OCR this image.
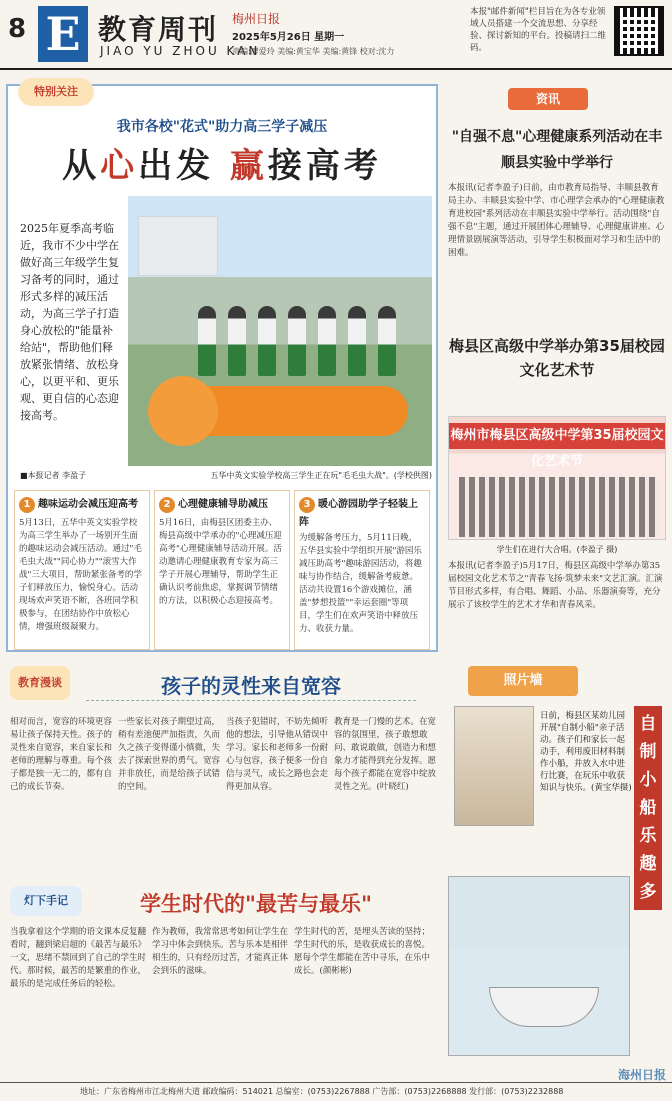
8 E 教育周刊
JIAO YU ZHOU KAN
梅州日报
2025年5月26日 星期一
责编:廖爱玲 美编:黄宝华 美编:黄锋 校对:沈力
本报"邮件新闻"栏目旨在为各专业领域人员搭建一个交流思想、分享经验、探讨新知的平台。投稿请扫二维码。
特别关注
我市各校"花式"助力高三学子减压
从心出发 赢接高考
2025年夏季高考临近，我市不少中学在做好高三年级学生复习备考的同时，通过形式多样的减压活动，为高三学子打造身心放松的"能量补给站"，帮助他们释放紧张情绪、放松身心，以更平和、更乐观、更自信的心态迎接高考。
■本报记者 李盈子	五华中英文实验学校高三学生正在玩"毛毛虫大战"。(学校供图)
1 趣味运动会减压迎高考

5月13日，五华中英文实验学校为高三学生举办了一场别开生面的趣味运动会减压活动。通过"毛毛虫大战""同心协力""滚雪大作战"三大项目，帮助紧张备考的学子们释放压力，愉悦身心。活动现场欢声笑语不断，各班同学积极参与，在团结协作中放松心情，增强班级凝聚力。

2 心理健康辅导助减压

5月16日，由梅县区团委主办、梅县高级中学承办的"心理减压迎高考"心理健康辅导活动开展。活动邀请心理健康教育专家为高三学子开展心理辅导，帮助学生正确认识考前焦虑，掌握调节情绪的方法，以积极心态迎接高考。

3 暖心游园助学子轻装上阵

为缓解备考压力，5月11日晚，五华县实验中学组织开展"游园乐减压助高考"趣味游园活动，将趣味与协作结合，缓解备考疲惫。活动共设置16个游戏摊位，涵盖"梦想投篮""幸运套圈"等项目，学生们在欢声笑语中释放压力、收获力量。

资讯
"自强不息"心理健康系列活动在丰顺县实验中学举行
本报讯(记者李盈子)日前，由市教育局指导、丰顺县教育局主办、丰顺县实验中学、市心理学会承办的"心理健康教育进校园"系列活动在丰顺县实验中学举行。活动围绕"自强不息"主题，通过开展团体心理辅导、心理健康讲座、心理情景剧展演等活动，引导学生积极面对学习和生活中的困难。
梅县区高级中学举办第35届校园文化艺术节
梅州市梅县区高级中学第35届校园文化艺术节
学生们在进行大合唱。(李盈子 摄)
本报讯(记者李盈子)5月17日，梅县区高级中学举办第35届校园文化艺术节之"青春飞扬·筑梦未来"文艺汇演。汇演节目形式多样，有合唱、舞蹈、小品、乐器演奏等，充分展示了该校学生的艺术才华和青春风采。
教育漫谈	孩子的灵性来自宽容
相对而言，宽容的环境更容易让孩子保持天性。孩子的灵性来自宽容，来自家长和老师的理解与尊重。每个孩子都是独一无二的，都有自己的成长节奏。
一些家长对孩子期望过高，稍有差池便严加指责，久而久之孩子变得谨小慎微，失去了探索世界的勇气。宽容并非放任，而是给孩子试错的空间。
当孩子犯错时，不妨先倾听他的想法，引导他从错误中学习。家长和老师多一份耐心与包容，孩子便多一份自信与灵气，成长之路也会走得更加从容。
教育是一门慢的艺术。在宽容的氛围里，孩子敢想敢问、敢说敢做，创造力和想象力才能得到充分发挥。愿每个孩子都能在宽容中绽放灵性之光。(叶晓红)
照片墙
自制小船乐趣多
日前，梅县区某幼儿园开展"自制小船"亲子活动。孩子们和家长一起动手，利用废旧材料制作小船，并放入水中进行比赛，在玩乐中收获知识与快乐。(黄宝华摄)
灯下手记	学生时代的"最苦与最乐"
当我拿着这个学期的语文课本反复翻看时，翻到梁启超的《最苦与最乐》一文，思绪不禁回到了自己的学生时代。那时候，最苦的是繁重的作业，最乐的是完成任务后的轻松。
作为教师，我常常思考如何让学生在学习中体会到快乐。苦与乐本是相伴相生的，只有经历过苦，才能真正体会到乐的滋味。
学生时代的苦，是埋头苦读的坚持；学生时代的乐，是收获成长的喜悦。愿每个学生都能在苦中寻乐，在乐中成长。(颜彬彬)
地址：广东省梅州市江北梅州大道 邮政编码：514021 总编室：(0753)2267888 广告部：(0753)2268888 发行部：(0753)2232888
海州日报
